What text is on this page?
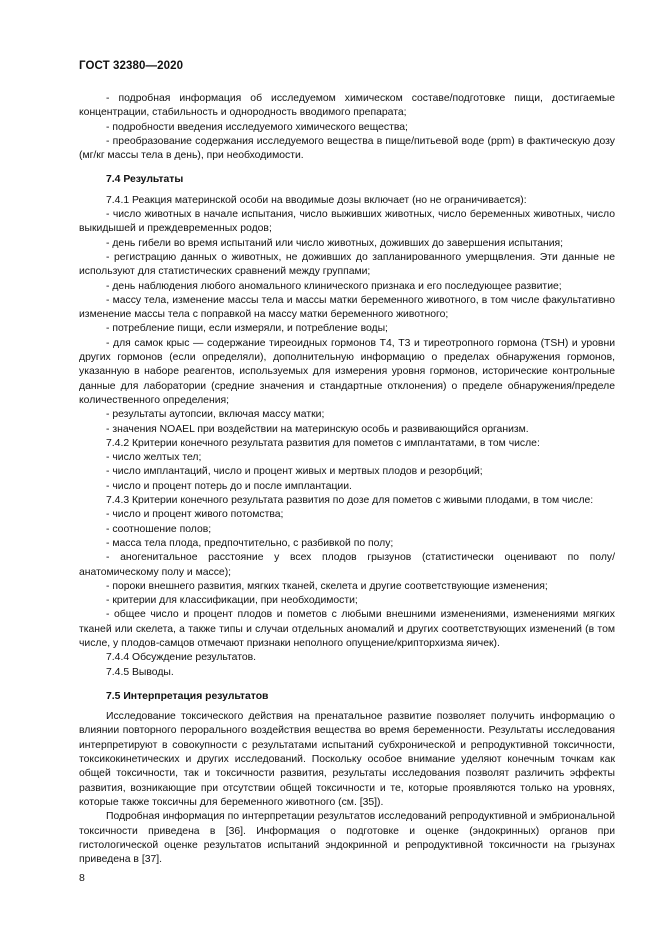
ГОСТ 32380—2020

- подробная информация об исследуемом химическом составе/подготовке пищи, достигаемые концентрации, стабильность и однородность вводимого препарата;

- подробности введения исследуемого химического вещества;

- преобразование содержания исследуемого вещества в пище/питьевой воде (ppm) в фактическую дозу (мг/кг массы тела в день), при необходимости.

7.4 Результаты

7.4.1 Реакция материнской особи на вводимые дозы включает (но не ограничивается):

- число животных в начале испытания, число выживших животных, число беременных животных, число выкидышей и преждевременных родов;

- день гибели во время испытаний или число животных, доживших до завершения испытания;

- регистрацию данных о животных, не доживших до запланированного умерщвления. Эти данные не используют для статистических сравнений между группами;

- день наблюдения любого аномального клинического признака и его последующее развитие;

- массу тела, изменение массы тела и массы матки беременного животного, в том числе факультативно изменение массы тела с поправкой на массу матки беременного животного;

- потребление пищи, если измеряли, и потребление воды;

- для самок крыс — содержание тиреоидных гормонов Т4, Т3 и тиреотропного гормона (TSH) и уровни других гормонов (если определяли), дополнительную информацию о пределах обнаружения гормонов, указанную в наборе реагентов, используемых для измерения уровня гормонов, исторические контрольные данные для лаборатории (средние значения и стандартные отклонения) о пределе обнаружения/пределе количественного определения;

- результаты аутопсии, включая массу матки;

- значения NOAEL при воздействии на материнскую особь и развивающийся организм.

7.4.2 Критерии конечного результата развития для пометов с имплантатами, в том числе:

- число желтых тел;

- число имплантаций, число и процент живых и мертвых плодов и резорбций;

- число и процент потерь до и после имплантации.

7.4.3 Критерии конечного результата развития по дозе для пометов с живыми плодами, в том числе:

- число и процент живого потомства;

- соотношение полов;

- масса тела плода, предпочтительно, с разбивкой по полу;

- аногенитальное расстояние у всех плодов грызунов (статистически оценивают по полу/анатомическому полу и массе);

- пороки внешнего развития, мягких тканей, скелета и другие соответствующие изменения;

- критерии для классификации, при необходимости;

- общее число и процент плодов и пометов с любыми внешними изменениями, изменениями мягких тканей или скелета, а также типы и случаи отдельных аномалий и других соответствующих изменений (в том числе, у плодов-самцов отмечают признаки неполного опущение/крипторхизма яичек).

7.4.4 Обсуждение результатов.

7.4.5 Выводы.

7.5 Интерпретация результатов

Исследование токсического действия на пренатальное развитие позволяет получить информацию о влиянии повторного перорального воздействия вещества во время беременности. Результаты исследования интерпретируют в совокупности с результатами испытаний субхронической и репродуктивной токсичности, токсикокинетических и других исследований. Поскольку особое внимание уделяют конечным точкам как общей токсичности, так и токсичности развития, результаты исследования позволят различить эффекты развития, возникающие при отсутствии общей токсичности и те, которые проявляются только на уровнях, которые также токсичны для беременного животного (см. [35]).

Подробная информация по интерпретации результатов исследований репродуктивной и эмбриональной токсичности приведена в [36]. Информация о подготовке и оценке (эндокринных) органов при гистологической оценке результатов испытаний эндокринной и репродуктивной токсичности на грызунах приведена в [37].

8
